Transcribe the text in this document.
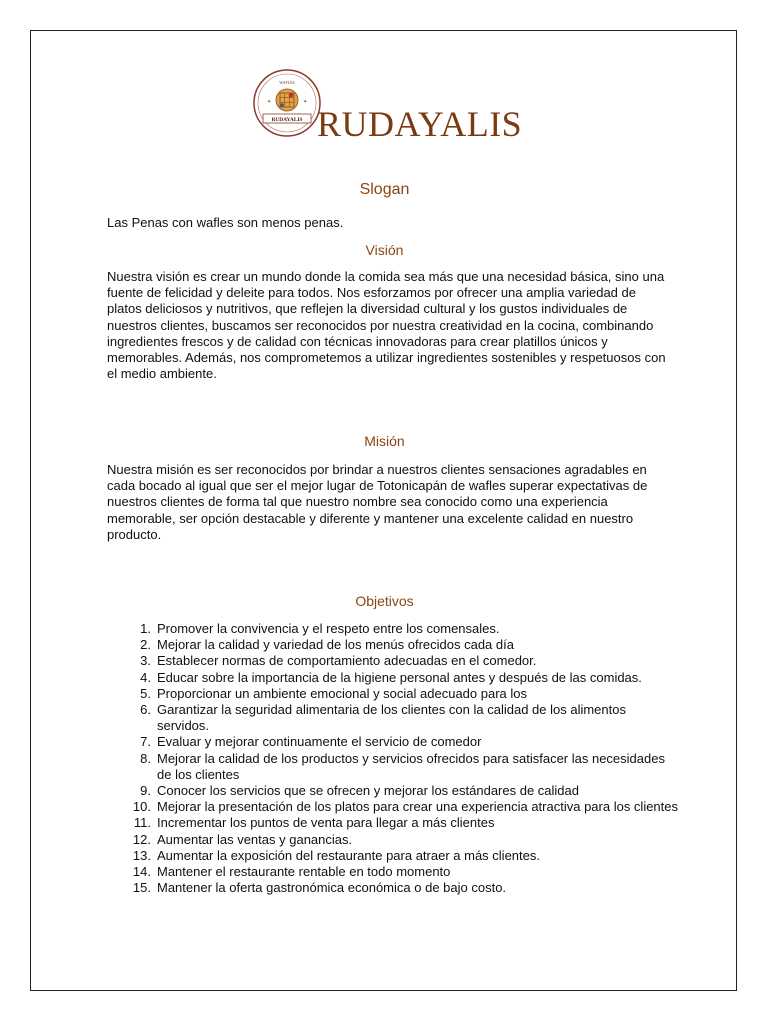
WAFLES
✦	✦
RUDAYALIS RUDAYALIS
Slogan
Las Penas con wafles son menos penas.
Visión
Nuestra visión es crear un mundo donde la comida sea más que una necesidad básica, sino una fuente de felicidad y deleite para todos. Nos esforzamos por ofrecer una amplia variedad de platos deliciosos y nutritivos, que reflejen la diversidad cultural y los gustos individuales de nuestros clientes, buscamos ser reconocidos por nuestra creatividad en la cocina, combinando ingredientes frescos y de calidad con técnicas innovadoras para crear platillos únicos y memorables. Además, nos comprometemos a utilizar ingredientes sostenibles y respetuosos con el medio ambiente.
Misión
Nuestra misión es ser reconocidos por brindar a nuestros clientes sensaciones agradables en cada bocado al igual que ser el mejor lugar de Totonicapán de wafles superar expectativas de nuestros clientes de forma tal que nuestro nombre sea conocido como una experiencia memorable, ser opción destacable y diferente y mantener una excelente calidad en nuestro producto.
Objetivos
1. Promover la convivencia y el respeto entre los comensales.
2. Mejorar la calidad y variedad de los menús ofrecidos cada día
3. Establecer normas de comportamiento adecuadas en el comedor.
4. Educar sobre la importancia de la higiene personal antes y después de las comidas.
5. Proporcionar un ambiente emocional y social adecuado para los
6. Garantizar la seguridad alimentaria de los clientes con la calidad de los alimentos servidos.
7. Evaluar y mejorar continuamente el servicio de comedor
8. Mejorar la calidad de los productos y servicios ofrecidos para satisfacer las necesidades de los clientes
9. Conocer los servicios que se ofrecen y mejorar los estándares de calidad
10. Mejorar la presentación de los platos para crear una experiencia atractiva para los clientes
11. Incrementar los puntos de venta para llegar a más clientes
12. Aumentar las ventas y ganancias.
13. Aumentar la exposición del restaurante para atraer a más clientes.
14. Mantener el restaurante rentable en todo momento
15. Mantener la oferta gastronómica económica o de bajo costo.
